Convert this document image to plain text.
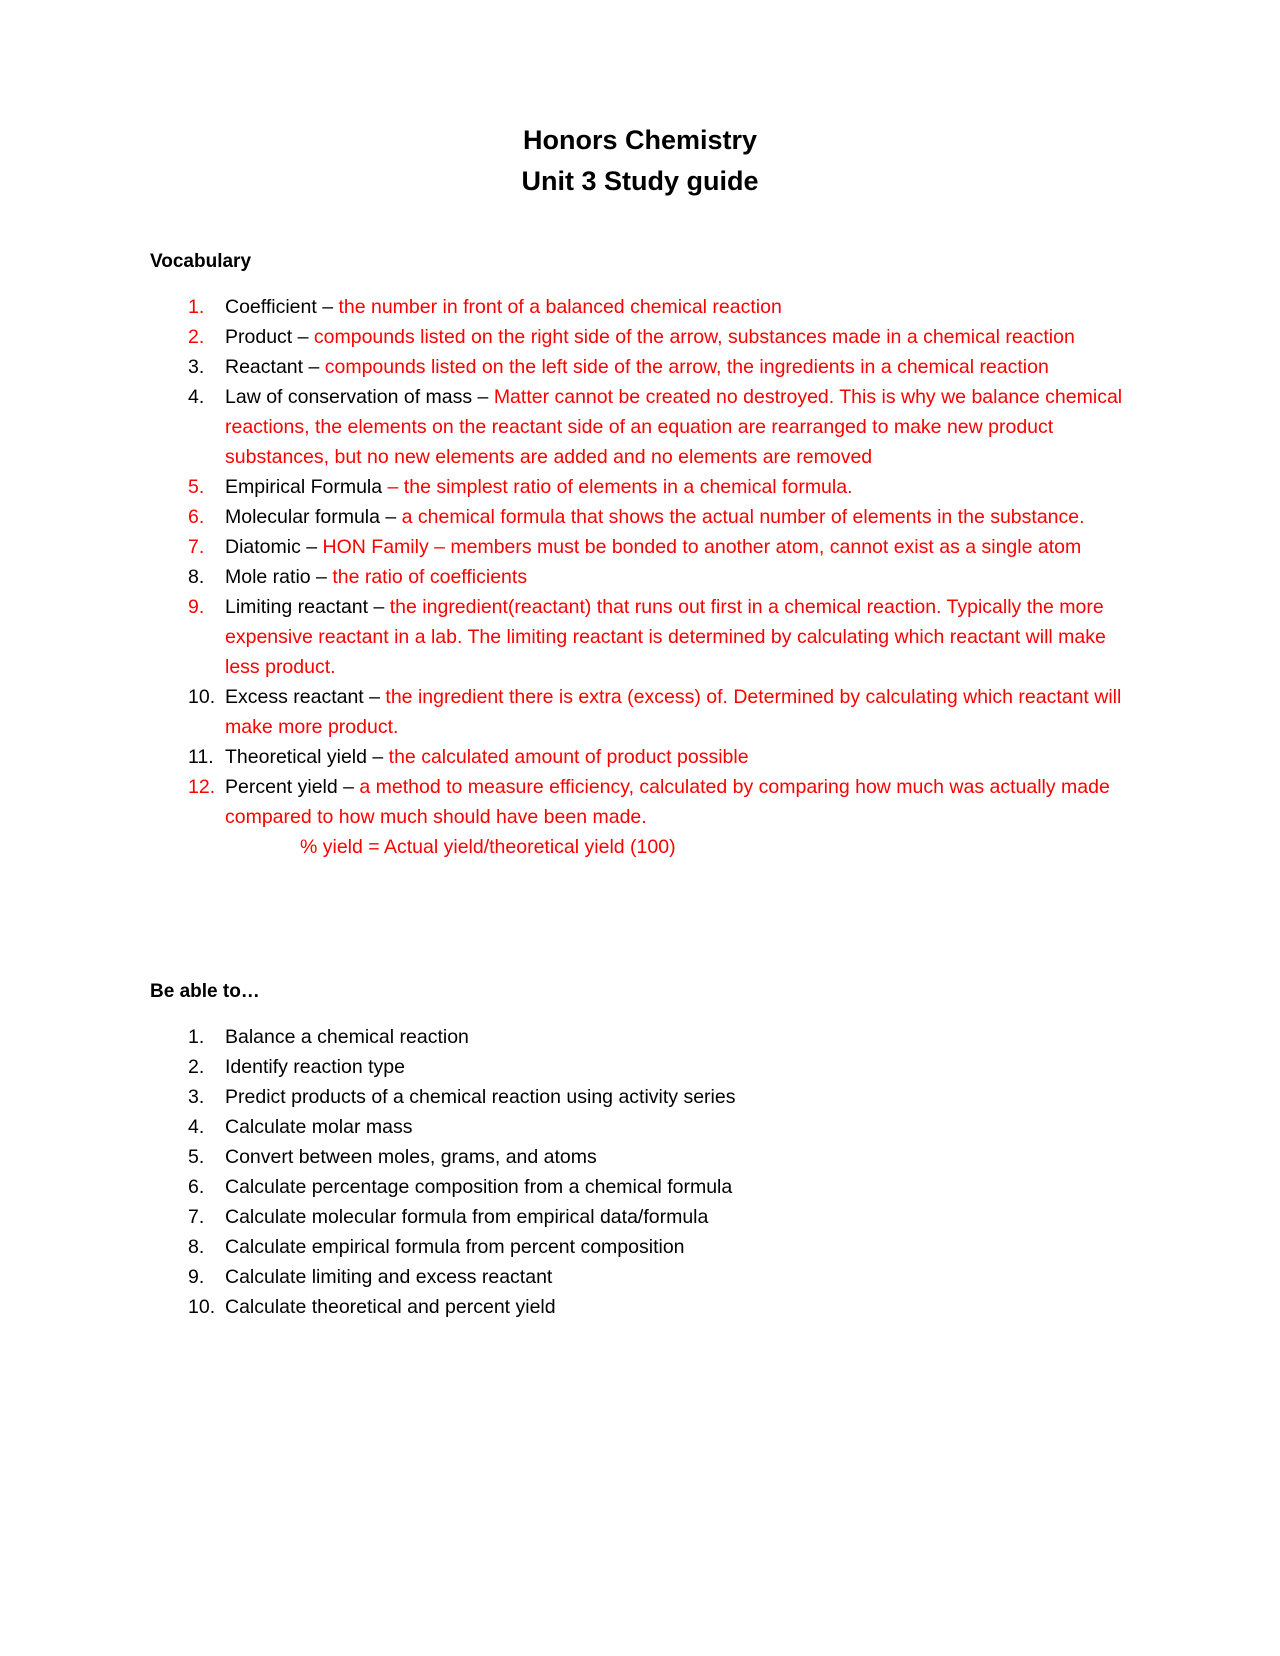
Honors Chemistry
Unit 3 Study guide
Vocabulary
1. Coefficient – the number in front of a balanced chemical reaction
2. Product – compounds listed on the right side of the arrow, substances made in a chemical reaction
3. Reactant – compounds listed on the left side of the arrow, the ingredients in a chemical reaction
4. Law of conservation of mass – Matter cannot be created no destroyed. This is why we balance chemical reactions, the elements on the reactant side of an equation are rearranged to make new product substances, but no new elements are added and no elements are removed
5. Empirical Formula – the simplest ratio of elements in a chemical formula.
6. Molecular formula – a chemical formula that shows the actual number of elements in the substance.
7. Diatomic – HON Family – members must be bonded to another atom, cannot exist as a single atom
8. Mole ratio – the ratio of coefficients
9. Limiting reactant – the ingredient(reactant) that runs out first in a chemical reaction. Typically the more expensive reactant in a lab. The limiting reactant is determined by calculating which reactant will make less product.
10. Excess reactant – the ingredient there is extra (excess) of. Determined by calculating which reactant will make more product.
11. Theoretical yield – the calculated amount of product possible
12. Percent yield – a method to measure efficiency, calculated by comparing how much was actually made compared to how much should have been made.
% yield = Actual yield/theoretical yield (100)
Be able to…
1. Balance a chemical reaction
2. Identify reaction type
3. Predict products of a chemical reaction using activity series
4. Calculate molar mass
5. Convert between moles, grams, and atoms
6. Calculate percentage composition from a chemical formula
7. Calculate molecular formula from empirical data/formula
8. Calculate empirical formula from percent composition
9. Calculate limiting and excess reactant
10. Calculate theoretical and percent yield
